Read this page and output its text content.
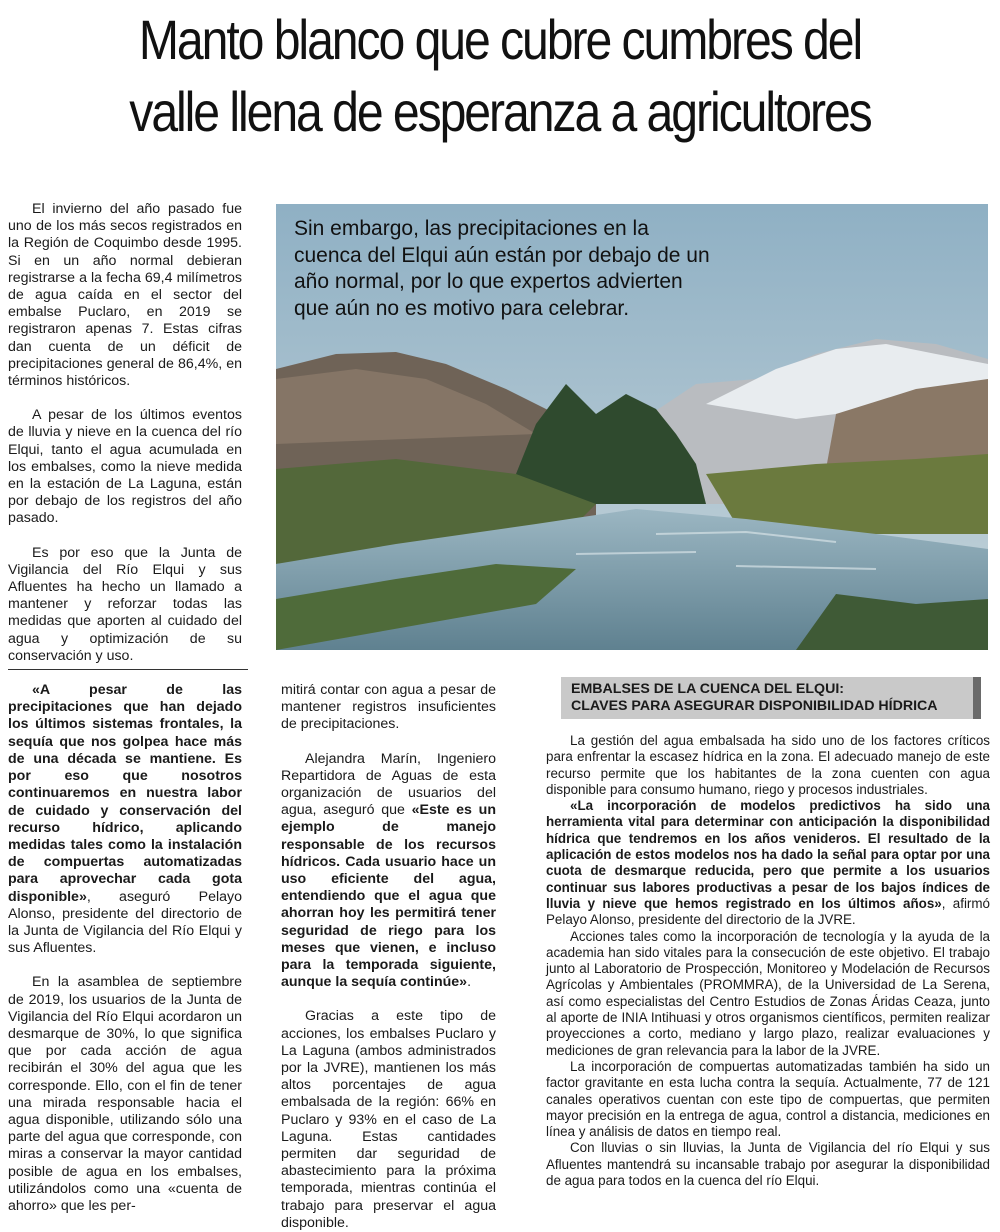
Manto blanco que cubre cumbres del
valle llena de esperanza a agricultores

El invierno del año pasado fue uno de los más secos registrados en la Región de Coquimbo desde 1995. Si en un año normal debieran registrarse a la fecha 69,4 milímetros de agua caída en el sector del embalse Puclaro, en 2019 se registraron apenas 7. Estas cifras dan cuenta de un déficit de precipitaciones general de 86,4%, en términos históricos.

A pesar de los últimos eventos de lluvia y nieve en la cuenca del río Elqui, tanto el agua acumulada en los embalses, como la nieve medida en la estación de La Laguna, están por debajo de los registros del año pasado.

Es por eso que la Junta de Vigilancia del Río Elqui y sus Afluentes ha hecho un llamado a mantener y reforzar todas las medidas que aporten al cuidado del agua y optimización de su conservación y uso.

«A pesar de las precipitaciones que han dejado los últimos sistemas frontales, la sequía que nos golpea hace más de una década se mantiene. Es por eso que nosotros continuaremos en nuestra labor de cuidado y conservación del recurso hídrico, aplicando medidas tales como la instalación de compuertas automatizadas para aprovechar cada gota disponible», aseguró Pelayo Alonso, presidente del directorio de la Junta de Vigilancia del Río Elqui y sus Afluentes.

En la asamblea de septiembre de 2019, los usuarios de la Junta de Vigilancia del Río Elqui acordaron un desmarque de 30%, lo que significa que por cada acción de agua recibirán el 30% del agua que les corresponde. Ello, con el fin de tener una mirada responsable hacia el agua disponible, utilizando sólo una parte del agua que corresponde, con miras a conservar la mayor cantidad posible de agua en los embalses, utilizándolos como una «cuenta de ahorro» que les per-

Sin embargo, las precipitaciones en la cuenca del Elqui aún están por debajo de un año normal, por lo que expertos advierten que aún no es motivo para celebrar.

mitirá contar con agua a pesar de mantener registros insuficientes de precipitaciones.

Alejandra Marín, Ingeniero Repartidora de Aguas de esta organización de usuarios del agua, aseguró que «Este es un ejemplo de manejo responsable de los recursos hídricos. Cada usuario hace un uso eficiente del agua, entendiendo que el agua que ahorran hoy les permitirá tener seguridad de riego para los meses que vienen, e incluso para la temporada siguiente, aunque la sequía continúe».

Gracias a este tipo de acciones, los embalses Puclaro y La Laguna (ambos administrados por la JVRE), mantienen los más altos porcentajes de agua embalsada de la región: 66% en Puclaro y 93% en el caso de La Laguna. Estas cantidades permiten dar seguridad de abastecimiento para la próxima temporada, mientras continúa el trabajo para preservar el agua disponible.

EMBALSES DE LA CUENCA DEL ELQUI:
CLAVES PARA ASEGURAR DISPONIBILIDAD HÍDRICA

La gestión del agua embalsada ha sido uno de los factores críticos para enfrentar la escasez hídrica en la zona. El adecuado manejo de este recurso permite que los habitantes de la zona cuenten con agua disponible para consumo humano, riego y procesos industriales.

«La incorporación de modelos predictivos ha sido una herramienta vital para determinar con anticipación la disponibilidad hídrica que tendremos en los años venideros. El resultado de la aplicación de estos modelos nos ha dado la señal para optar por una cuota de desmarque reducida, pero que permite a los usuarios continuar sus labores productivas a pesar de los bajos índices de lluvia y nieve que hemos registrado en los últimos años», afirmó Pelayo Alonso, presidente del directorio de la JVRE.

Acciones tales como la incorporación de tecnología y la ayuda de la academia han sido vitales para la consecución de este objetivo. El trabajo junto al Laboratorio de Prospección, Monitoreo y Modelación de Recursos Agrícolas y Ambientales (PROMMRA), de la Universidad de La Serena, así como especialistas del Centro Estudios de Zonas Áridas Ceaza, junto al aporte de INIA Intihuasi y otros organismos científicos, permiten realizar proyecciones a corto, mediano y largo plazo, realizar evaluaciones y mediciones de gran relevancia para la labor de la JVRE.

La incorporación de compuertas automatizadas también ha sido un factor gravitante en esta lucha contra la sequía. Actualmente, 77 de 121 canales operativos cuentan con este tipo de compuertas, que permiten mayor precisión en la entrega de agua, control a distancia, mediciones en línea y análisis de datos en tiempo real.

Con lluvias o sin lluvias, la Junta de Vigilancia del río Elqui y sus Afluentes mantendrá su incansable trabajo por asegurar la disponibilidad de agua para todos en la cuenca del río Elqui.
